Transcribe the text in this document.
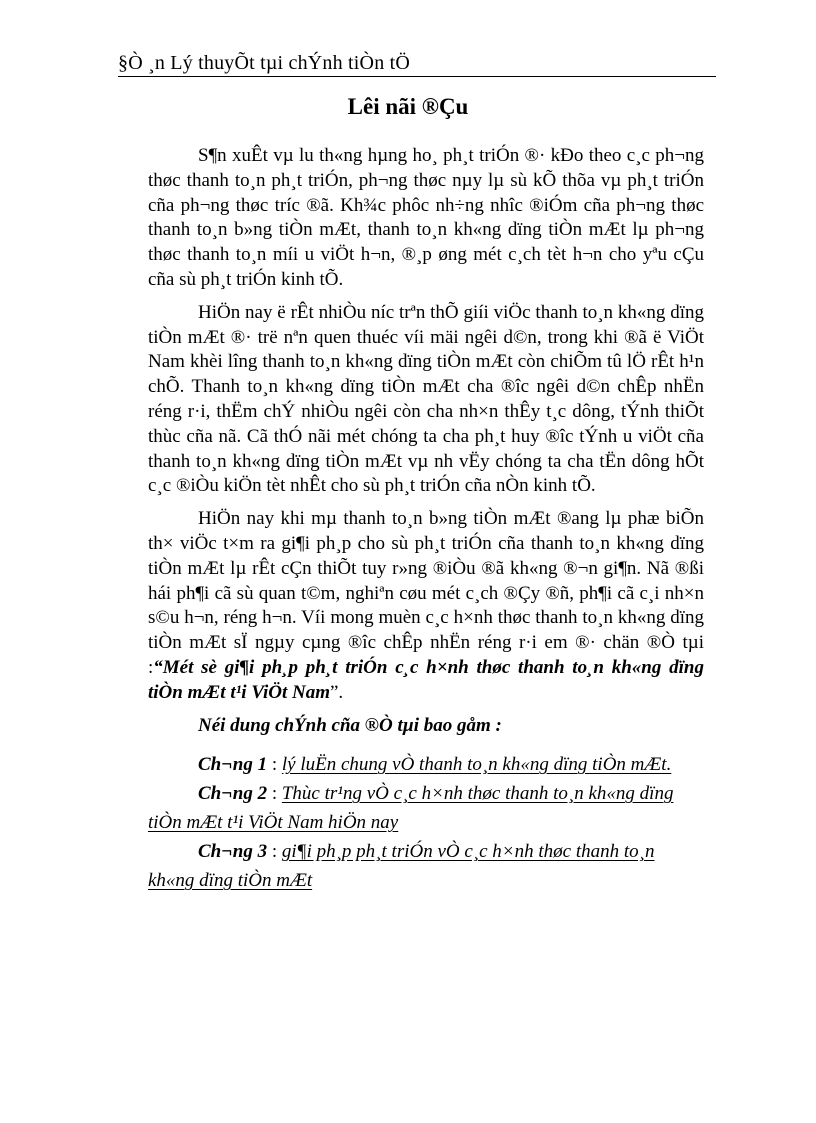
§Ò ¸n Lý thuyÕt tµi chÝnh tiÒn tÖ
Lêi nãi ®Çu

S¶n xuÊt vµ lu th«ng hµng ho¸ ph¸t triÓn ®· kÐo theo c¸c ph¬ng thøc thanh to¸n ph¸t triÓn, ph¬ng thøc nµy lµ sù kÕ thõa vµ ph¸t triÓn cña ph¬ng thøc tríc ®ã. Kh¾c phôc nh÷ng nhîc ®iÓm cña ph¬ng thøc thanh to¸n b»ng tiÒn mÆt, thanh to¸n kh«ng dïng tiÒn mÆt lµ ph¬ng thøc thanh to¸n míi u viÖt h¬n, ®¸p øng mét c¸ch tèt h¬n cho yªu cÇu cña sù ph¸t triÓn kinh tÕ.

HiÖn nay ë rÊt nhiÒu níc trªn thÕ giíi viÖc thanh to¸n kh«ng dïng tiÒn mÆt ®· trë nªn quen thuéc víi mäi ngêi d©n, trong khi ®ã ë ViÖt Nam khèi lîng thanh to¸n kh«ng dïng tiÒn mÆt còn chiÕm tû lÖ rÊt h¹n chÕ. Thanh to¸n kh«ng dïng tiÒn mÆt cha ®îc ngêi d©n chÊp nhËn réng r·i, thËm chÝ nhiÒu ngêi còn cha nh×n thÊy t¸c dông, tÝnh thiÕt thùc cña nã. Cã thÓ nãi mét chóng ta cha ph¸t huy ®îc tÝnh u viÖt cña thanh to¸n kh«ng dïng tiÒn mÆt vµ nh vËy chóng ta cha tËn dông hÕt c¸c ®iÒu kiÖn tèt nhÊt cho sù ph¸t triÓn cña nÒn kinh tÕ.

HiÖn nay khi mµ thanh to¸n b»ng tiÒn mÆt ®ang lµ phæ biÕn th× viÖc t×m ra gi¶i ph¸p cho sù ph¸t triÓn cña thanh to¸n kh«ng dïng tiÒn mÆt lµ rÊt cÇn thiÕt tuy r»ng ®iÒu ®ã kh«ng ®¬n gi¶n. Nã ®ßi hái ph¶i cã sù quan t©m, nghiªn cøu mét c¸ch ®Çy ®ñ, ph¶i cã c¸i nh×n s©u h¬n, réng h¬n. Víi mong muèn c¸c h×nh thøc thanh to¸n kh«ng dïng tiÒn mÆt sÏ ngµy cµng ®îc chÊp nhËn réng r·i em ®· chän ®Ò tµi :“Mét sè gi¶i ph¸p ph¸t triÓn c¸c h×nh thøc thanh to¸n kh«ng dïng tiÒn mÆt t¹i ViÖt Nam”.

Néi dung chÝnh cña ®Ò tµi bao gåm :

Ch¬ng 1 : lý luËn chung vÒ thanh to¸n kh«ng dïng tiÒn mÆt.

Ch¬ng 2 : Thùc tr¹ng vÒ c¸c h×nh thøc thanh to¸n kh«ng dïng tiÒn mÆt t¹i ViÖt Nam hiÖn nay

Ch¬ng 3 : gi¶i ph¸p ph¸t triÓn vÒ c¸c h×nh thøc thanh to¸n kh«ng dïng tiÒn mÆt
